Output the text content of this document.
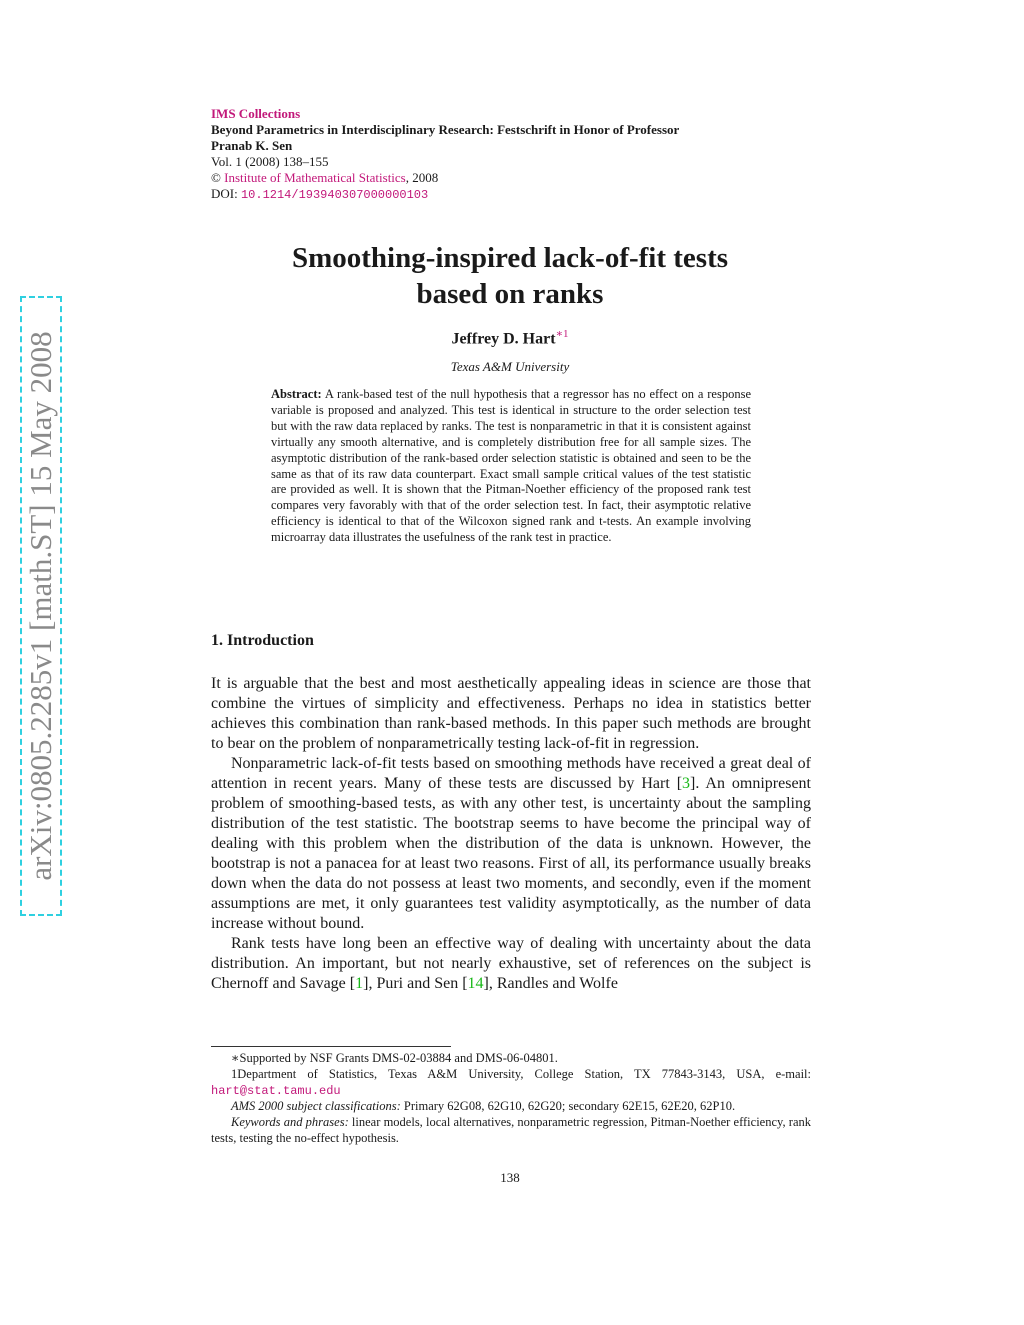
arXiv:0805.2285v1 [math.ST] 15 May 2008
IMS Collections
Beyond Parametrics in Interdisciplinary Research: Festschrift in Honor of Professor
Pranab K. Sen
Vol. 1 (2008) 138–155
© Institute of Mathematical Statistics, 2008
DOI: 10.1214/193940307000000103
Smoothing-inspired lack-of-fit tests
based on ranks
Jeffrey D. Hart$^{∗1}$
Texas A&M University
Abstract: A rank-based test of the null hypothesis that a regressor has no effect on a response variable is proposed and analyzed. This test is identical in structure to the order selection test but with the raw data replaced by ranks. The test is nonparametric in that it is consistent against virtually any smooth alternative, and is completely distribution free for all sample sizes. The asymptotic distribution of the rank-based order selection statistic is obtained and seen to be the same as that of its raw data counterpart. Exact small sample critical values of the test statistic are provided as well. It is shown that the Pitman-Noether efficiency of the proposed rank test compares very favorably with that of the order selection test. In fact, their asymptotic relative efficiency is identical to that of the Wilcoxon signed rank and t-tests. An example involving microarray data illustrates the usefulness of the rank test in practice.
1. Introduction

It is arguable that the best and most aesthetically appealing ideas in science are those that combine the virtues of simplicity and effectiveness. Perhaps no idea in statistics better achieves this combination than rank-based methods. In this paper such methods are brought to bear on the problem of nonparametrically testing lack-of-fit in regression.

Nonparametric lack-of-fit tests based on smoothing methods have received a great deal of attention in recent years. Many of these tests are discussed by Hart [3]. An omnipresent problem of smoothing-based tests, as with any other test, is uncertainty about the sampling distribution of the test statistic. The bootstrap seems to have become the principal way of dealing with this problem when the distribution of the data is unknown. However, the bootstrap is not a panacea for at least two reasons. First of all, its performance usually breaks down when the data do not possess at least two moments, and secondly, even if the moment assumptions are met, it only guarantees test validity asymptotically, as the number of data increase without bound.

Rank tests have long been an effective way of dealing with uncertainty about the data distribution. An important, but not nearly exhaustive, set of references on the subject is Chernoff and Savage [1], Puri and Sen [14], Randles and Wolfe

∗Supported by NSF Grants DMS-02-03884 and DMS-06-04801.

1Department of Statistics, Texas A&M University, College Station, TX 77843-3143, USA, e-mail: hart@stat.tamu.edu

AMS 2000 subject classifications: Primary 62G08, 62G10, 62G20; secondary 62E15, 62E20, 62P10.

Keywords and phrases: linear models, local alternatives, nonparametric regression, Pitman-Noether efficiency, rank tests, testing the no-effect hypothesis.

138
